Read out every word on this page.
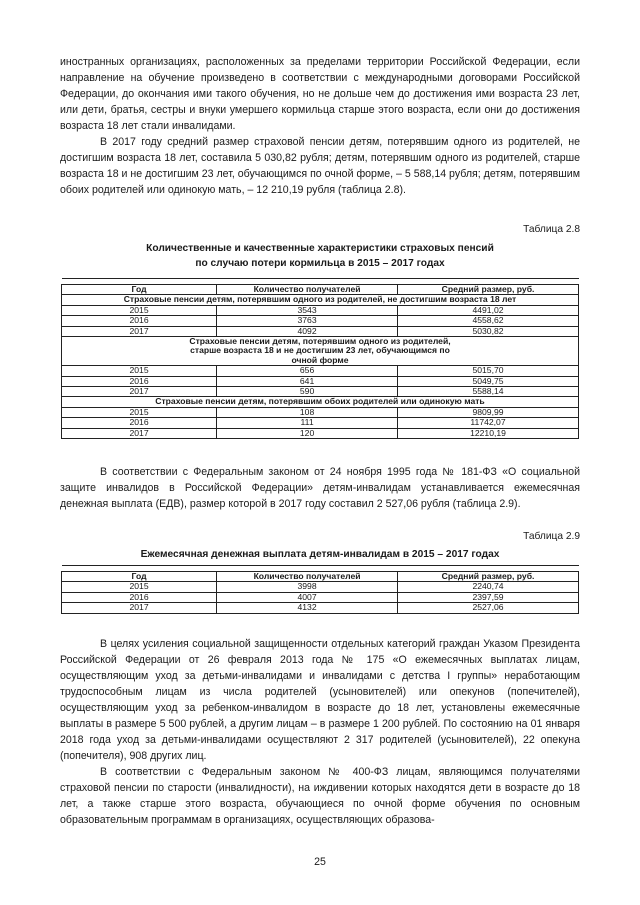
иностранных организациях, расположенных за пределами территории Российской Федерации, если направление на обучение произведено в соответствии с международными договорами Российской Федерации, до окончания ими такого обучения, но не дольше чем до достижения ими возраста 23 лет, или дети, братья, сестры и внуки умершего кормильца старше этого возраста, если они до достижения возраста 18 лет стали инвалидами.

В 2017 году средний размер страховой пенсии детям, потерявшим одного из родителей, не достигшим возраста 18 лет, составила 5 030,82 рубля; детям, потерявшим одного из родителей, старше возраста 18 и не достигшим 23 лет, обучающимся по очной форме, – 5 588,14 рубля; детям, потерявшим обоих родителей или одинокую мать, – 12 210,19 рубля (таблица 2.8).

Таблица 2.8
Количественные и качественные характеристики страховых пенсий
по случаю потери кормильца в 2015 – 2017 годах

Год	Количество получателей	Средний размер, руб.
Страховые пенсии детям, потерявшим одного из родителей, не достигшим возраста 18 лет		
2015	3543	4491,02
2016	3763	4558,62
2017	4092	5030,82
Страховые пенсии детям, потерявшим одного из родителей, старше возраста 18 и не достигшим 23 лет, обучающимся по очной форме		
2015	656	5015,70
2016	641	5049,75
2017	590	5588,14
Страховые пенсии детям, потерявшим обоих родителей или одинокую мать		
2015	108	9809,99
2016	111	11742,07
2017	120	12210,19

В соответствии с Федеральным законом от 24 ноября 1995 года № 181-ФЗ «О социальной защите инвалидов в Российской Федерации» детям-инвалидам устанавливается ежемесячная денежная выплата (ЕДВ), размер которой в 2017 году составил 2 527,06 рубля (таблица 2.9).

Таблица 2.9
Ежемесячная денежная выплата детям-инвалидам в 2015 – 2017 годах

Год	Количество получателей	Средний размер, руб.
2015	3998	2240,74
2016	4007	2397,59
2017	4132	2527,06

В целях усиления социальной защищенности отдельных категорий граждан Указом Президента Российской Федерации от 26 февраля 2013 года № 175 «О ежемесячных выплатах лицам, осуществляющим уход за детьми-инвалидами и инвалидами с детства I группы» неработающим трудоспособным лицам из числа родителей (усыновителей) или опекунов (попечителей), осуществляющим уход за ребенком-инвалидом в возрасте до 18 лет, установлены ежемесячные выплаты в размере 5 500 рублей, а другим лицам – в размере 1 200 рублей. По состоянию на 01 января 2018 года уход за детьми-инвалидами осуществляют 2 317 родителей (усыновителей), 22 опекуна (попечителя), 908 других лиц.

В соответствии с Федеральным законом № 400-ФЗ лицам, являющимся получателями страховой пенсии по старости (инвалидности), на иждивении которых находятся дети в возрасте до 18 лет, а также старше этого возраста, обучающиеся по очной форме обучения по основным образовательным программам в организациях, осуществляющих образова-

25
